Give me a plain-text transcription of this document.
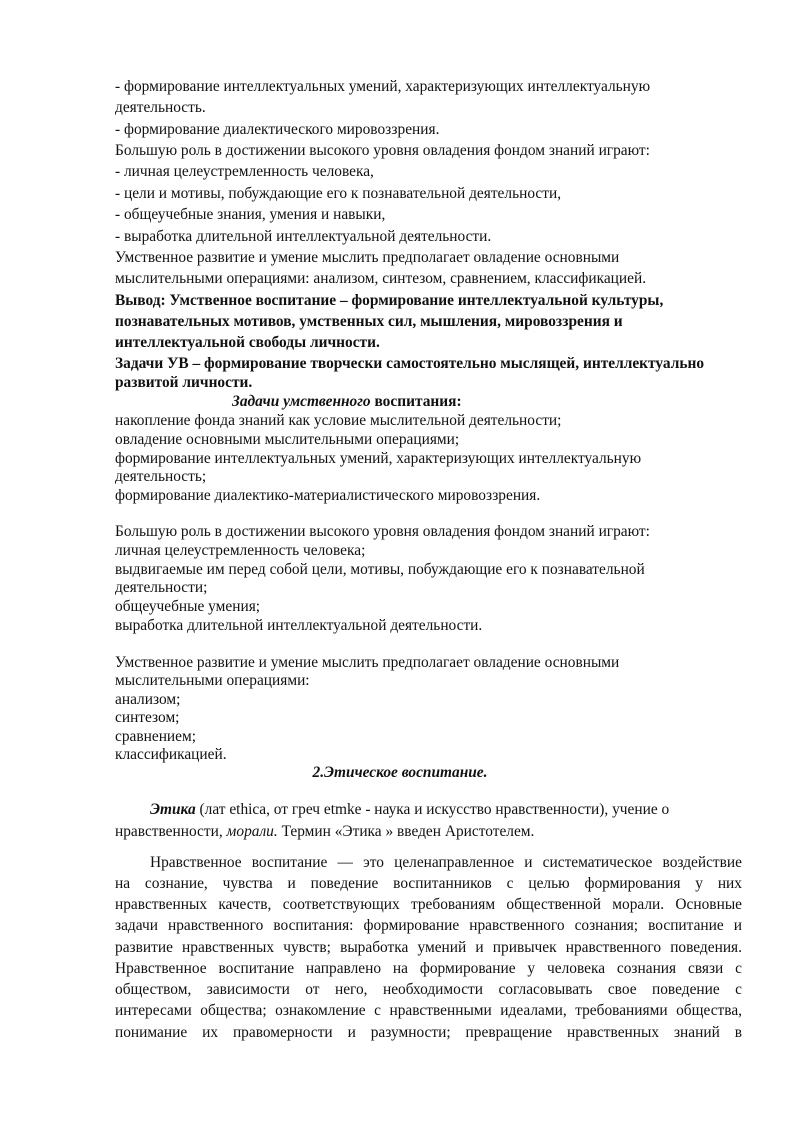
- формирование интеллектуальных умений, характеризующих интеллектуальную
деятельность.
- формирование диалектического мировоззрения.
Большую роль в достижении высокого уровня овладения фондом знаний играют:
- личная целеустремленность человека,
- цели и мотивы, побуждающие его к познавательной деятельности,
- общеучебные знания, умения и навыки,
- выработка длительной интеллектуальной деятельности.
Умственное развитие и умение мыслить предполагает овладение основными
мыслительными операциями: анализом, синтезом, сравнением, классификацией.
Вывод: Умственное воспитание – формирование интеллектуальной культуры,
познавательных мотивов, умственных сил, мышления, мировоззрения и
интеллектуальной свободы личности.
Задачи УВ – формирование творчески самостоятельно мыслящей, интеллектуально
развитой личности.
Задачи умственного воспитания:
накопление фонда знаний как условие мыслительной деятельности;
овладение основными мыслительными операциями;
формирование интеллектуальных умений, характеризующих интеллектуальную
деятельность;
формирование диалектико-материалистического мировоззрения.
Большую роль в достижении высокого уровня овладения фондом знаний играют:
личная целеустремленность человека;
выдвигаемые им перед собой цели, мотивы, побуждающие его к познавательной
деятельности;
общеучебные умения;
выработка длительной интеллектуальной деятельности.
Умственное развитие и умение мыслить предполагает овладение основными
мыслительными операциями:
анализом;
синтезом;
сравнением;
классификацией.
2.Этическое воспитание.
Этика (лат ethica, от греч etmke - наука и искусство нравственности), учение о
нравственности, морали. Термин «Этика » введен Аристотелем.
Нравственное воспитание — это целенаправленное и систематическое воздействие
на сознание, чувства и поведение воспитанников с целью формирования у них
нравственных качеств, соответствующих требованиям общественной морали. Основные
задачи нравственного воспитания: формирование нравственного сознания; воспитание и
развитие нравственных чувств; выработка умений и привычек нравственного поведения.
Нравственное воспитание направлено на формирование у человека сознания связи с
обществом, зависимости от него, необходимости согласовывать свое поведение с
интересами общества; ознакомление с нравственными идеалами, требованиями общества,
понимание их правомерности и разумности; превращение нравственных знаний в
